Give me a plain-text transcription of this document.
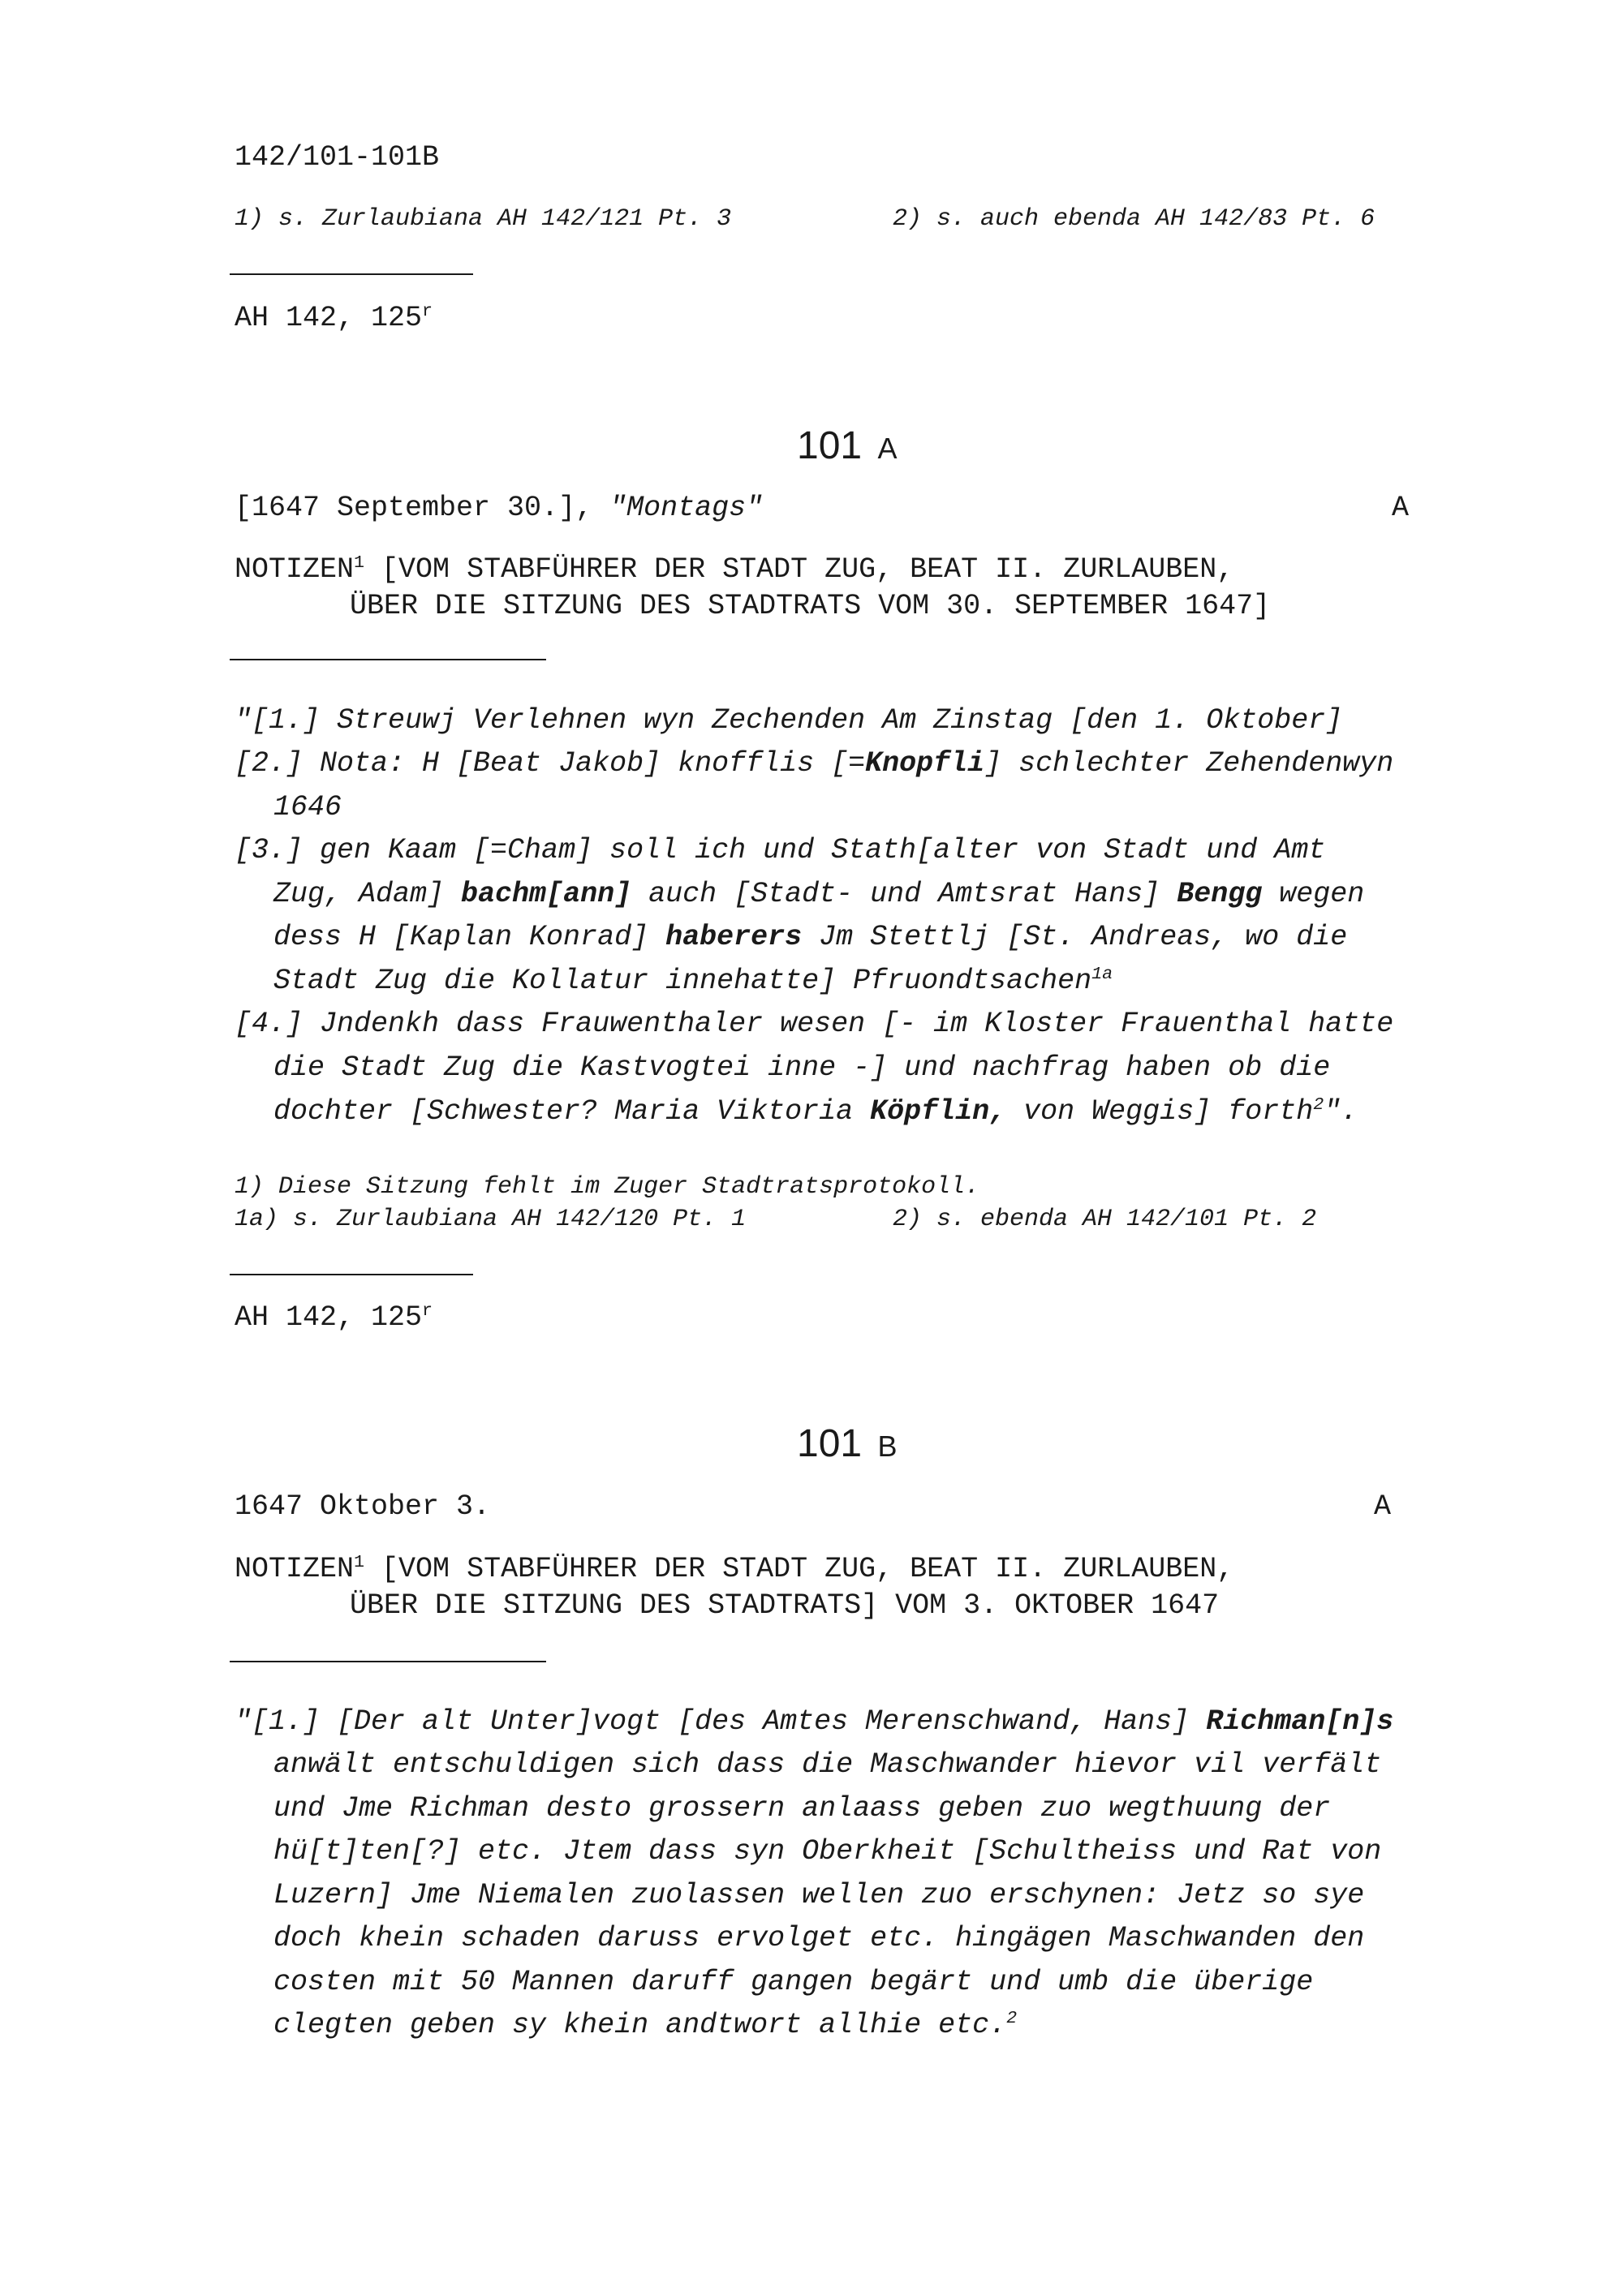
142/101-101B
1) s. Zurlaubiana AH 142/121 Pt. 3	2) s. auch ebenda AH 142/83 Pt. 6
AH 142, 125$^r$
101 A
[1647 September 30.], "Montags"	A
NOTIZEN$^1$ [VOM STABFÜHRER DER STADT ZUG, BEAT II. ZURLAUBEN,
ÜBER DIE SITZUNG DES STADTRATS VOM 30. SEPTEMBER 1647]
"[1.] Streuwj Verlehnen wyn Zechenden Am Zinstag [den 1. Oktober]
[2.] Nota: H [Beat Jakob] knofflis [=Knopfli] schlechter Zehendenwyn
1646
[3.] gen Kaam [=Cham] soll ich und Stath[alter von Stadt und Amt
Zug, Adam] bachm[ann] auch [Stadt- und Amtsrat Hans] Bengg wegen
dess H [Kaplan Konrad] haberers Jm Stettlj [St. Andreas, wo die
Stadt Zug die Kollatur innehatte] Pfruondtsachen$^{1a}$
[4.] Jndenkh dass Frauwenthaler wesen [- im Kloster Frauenthal hatte
die Stadt Zug die Kastvogtei inne -] und nachfrag haben ob die
dochter [Schwester? Maria Viktoria Köpflin, von Weggis] forth$^2$".
1) Diese Sitzung fehlt im Zuger Stadtratsprotokoll.
1a) s. Zurlaubiana AH 142/120 Pt. 1	2) s. ebenda AH 142/101 Pt. 2
AH 142, 125$^r$
101 B
1647 Oktober 3.	A
NOTIZEN$^1$ [VOM STABFÜHRER DER STADT ZUG, BEAT II. ZURLAUBEN,
ÜBER DIE SITZUNG DES STADTRATS] VOM 3. OKTOBER 1647
"[1.] [Der alt Unter]vogt [des Amtes Merenschwand, Hans] Richman[n]s
anwält entschuldigen sich dass die Maschwander hievor vil verfält
und Jme Richman desto grossern anlaass geben zuo wegthuung der
hü[t]ten[?] etc. Jtem dass syn Oberkheit [Schultheiss und Rat von
Luzern] Jme Niemalen zuolassen wellen zuo erschynen: Jetz so sye
doch khein schaden daruss ervolget etc. hingägen Maschwanden den
costen mit 50 Mannen daruff gangen begärt und umb die überige
clegten geben sy khein andtwort allhie etc.$^2$
